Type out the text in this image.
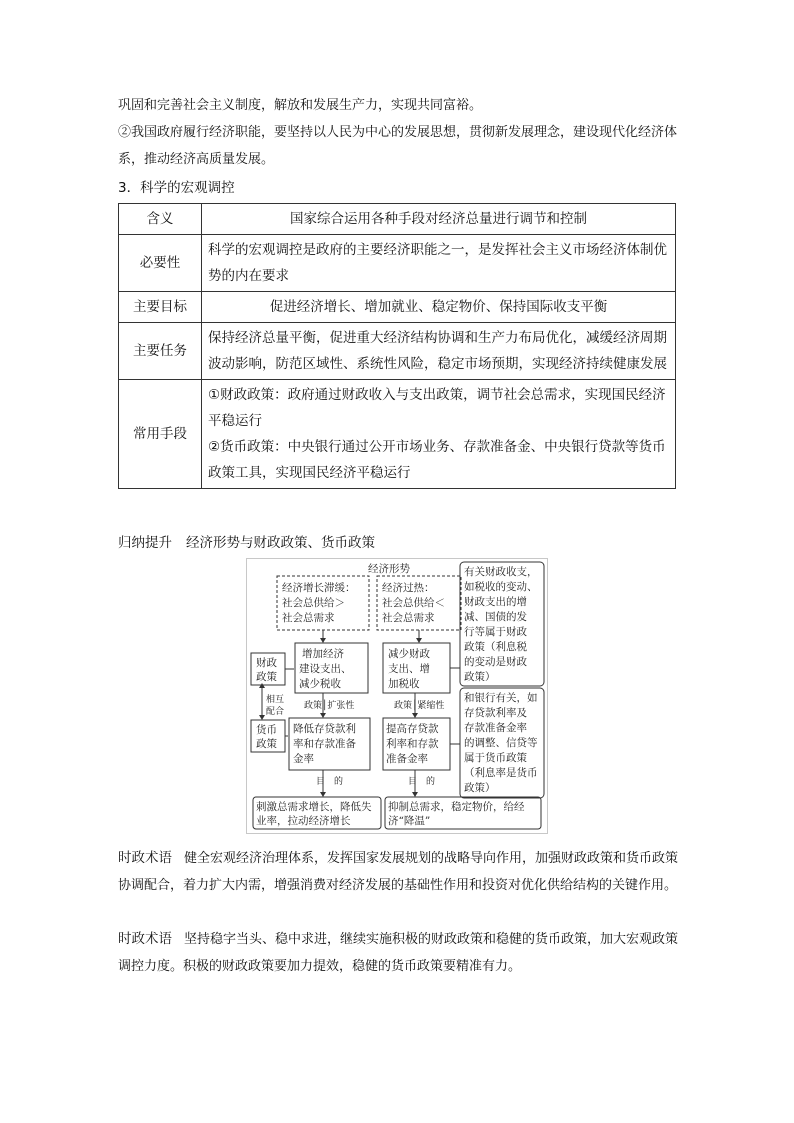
巩固和完善社会主义制度，解放和发展生产力，实现共同富裕。

②我国政府履行经济职能，要坚持以人民为中心的发展思想，贯彻新发展理念，建设现代化经济体系，推动经济高质量发展。

3．科学的宏观调控
含义	国家综合运用各种手段对经济总量进行调节和控制
必要性	科学的宏观调控是政府的主要经济职能之一，是发挥社会主义市场经济体制优势的内在要求
主要目标	促进经济增长、增加就业、稳定物价、保持国际收支平衡
主要任务	保持经济总量平衡，促进重大经济结构协调和生产力布局优化，减缓经济周期波动影响，防范区域性、系统性风险，稳定市场预期，实现经济持续健康发展
常用手段	①财政政策：政府通过财政收入与支出政策，调节社会总需求，实现国民经济平稳运行
②货币政策：中央银行通过公开市场业务、存款准备金、中央银行贷款等货币政策工具，实现国民经济平稳运行
归纳提升 经济形势与财政政策、货币政策
经济形势
经济增长滞缓：
社会总供给＞
社会总需求
经济过热：
社会总供给＜
社会总需求
财政
政策
相互
配合
货币
政策
增加经济
建设支出、
减少税收
减少财政
支出、增
加税收
政策│扩张性	政策│紧缩性
降低存贷款利
率和存款准备
金率
提高存贷款
利率和存款
准备金率
目　的	目　的
刺激总需求增长，降低失
业率，拉动经济增长
抑制总需求，稳定物价，给经
济“降温”
有关财政收支，
如税收的变动、
财政支出的增
减、国债的发
行等属于财政
政策（利息税
的变动是财政
政策）
和银行有关，如
存贷款利率及
存款准备金率
的调整、信贷等
属于货币政策
（利息率是货币
政策）

时政术语 健全宏观经济治理体系，发挥国家发展规划的战略导向作用，加强财政政策和货币政策协调配合，着力扩大内需，增强消费对经济发展的基础性作用和投资对优化供给结构的关键作用。

时政术语 坚持稳字当头、稳中求进，继续实施积极的财政政策和稳健的货币政策，加大宏观政策调控力度。积极的财政政策要加力提效，稳健的货币政策要精准有力。
